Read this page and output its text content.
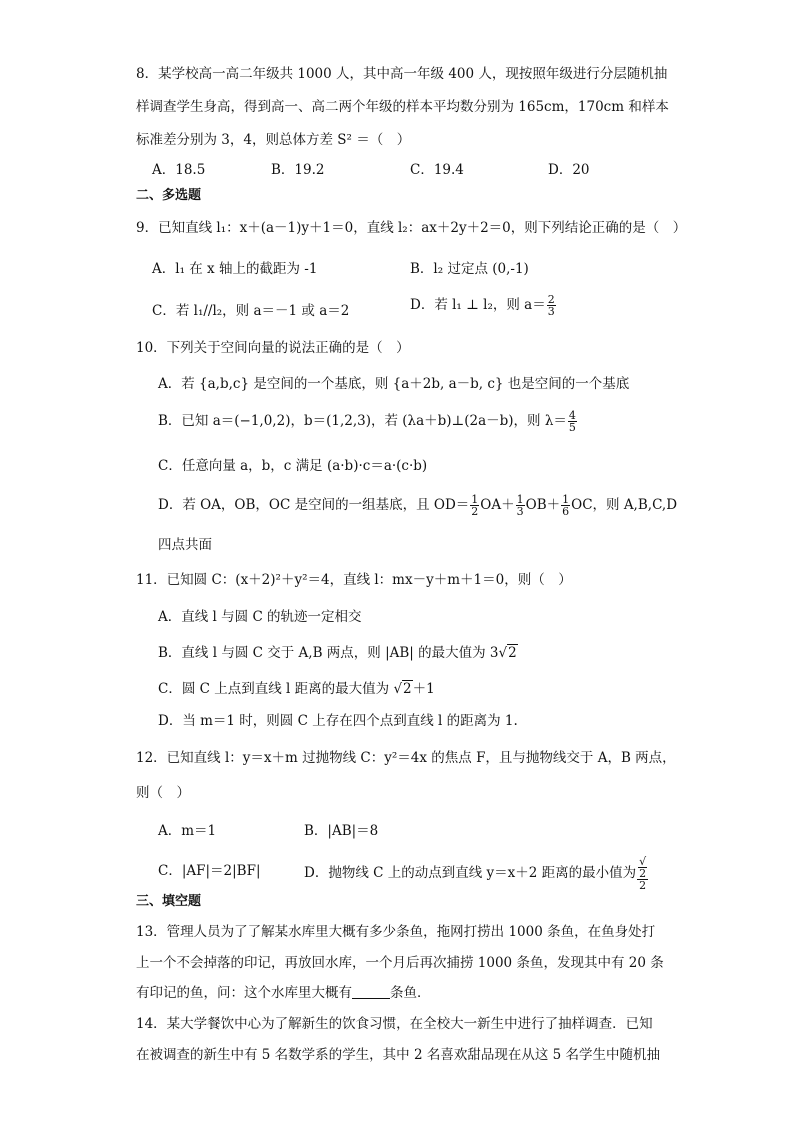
8．某学校高一高二年级共 1000 人，其中高一年级 400 人，现按照年级进行分层随机抽
样调查学生身高，得到高一、高二两个年级的样本平均数分别为 165cm，170cm 和样本
标准差分别为 3，4，则总体方差 S² ＝（　）
A．18.5	B．19.2	C．19.4	D．20
二、多选题
9．已知直线 l₁：x＋(a－1)y＋1＝0，直线 l₂：ax＋2y＋2＝0，则下列结论正确的是（　）
A．l₁ 在 x 轴上的截距为 -1	B．l₂ 过定点 (0,-1)
C．若 l₁//l₂，则 a＝－1 或 a＝2	D．若 l₁ ⊥ l₂，则 $a= \frac{2}{3}$
10．下列关于空间向量的说法正确的是（　）
A．若 {a,b,c} 是空间的一个基底，则 {a＋2b, a－b, c} 也是空间的一个基底
B．已知 a＝(−1,0,2)，b＝(1,2,3)，若 (λa＋b)⊥(2a－b)，则 $\lambda= \frac{4}{5}$
C．任意向量 a，b，c 满足 (a·b)·c＝a·(c·b)
D．若 OA，OB，OC 是空间的一组基底，且 $OD= \frac{1}{2} OA+ \frac{1}{3} OB+ \frac{1}{6}$ OC，则 A,B,C,D
四点共面
11．已知圆 C：(x＋2)²＋y²＝4，直线 l：mx－y＋m＋1＝0，则（　）
A．直线 l 与圆 C 的轨迹一定相交
B．直线 l 与圆 C 交于 A,B 两点，则 |AB| 的最大值为 3√2
C．圆 C 上点到直线 l 距离的最大值为 √2＋1
D．当 m＝1 时，则圆 C 上存在四个点到直线 l 的距离为 1.
12．已知直线 l：y＝x＋m 过抛物线 C：y²＝4x 的焦点 F，且与抛物线交于 A，B 两点，
则（　）
A．m＝1	B．|AB|＝8
C．|AF|＝2|BF|	D．抛物线 C 上的动点到直线 y＝x＋2 距离的最小值为 √
2
2
三、填空题
13．管理人员为了了解某水库里大概有多少条鱼，拖网打捞出 1000 条鱼，在鱼身处打
上一个不会掉落的印记，再放回水库，一个月后再次捕捞 1000 条鱼，发现其中有 20 条
有印记的鱼，问：这个水库里大概有	条鱼．
14．某大学餐饮中心为了解新生的饮食习惯，在全校大一新生中进行了抽样调查．已知
在被调查的新生中有 5 名数学系的学生，其中 2 名喜欢甜品现在从这 5 名学生中随机抽
